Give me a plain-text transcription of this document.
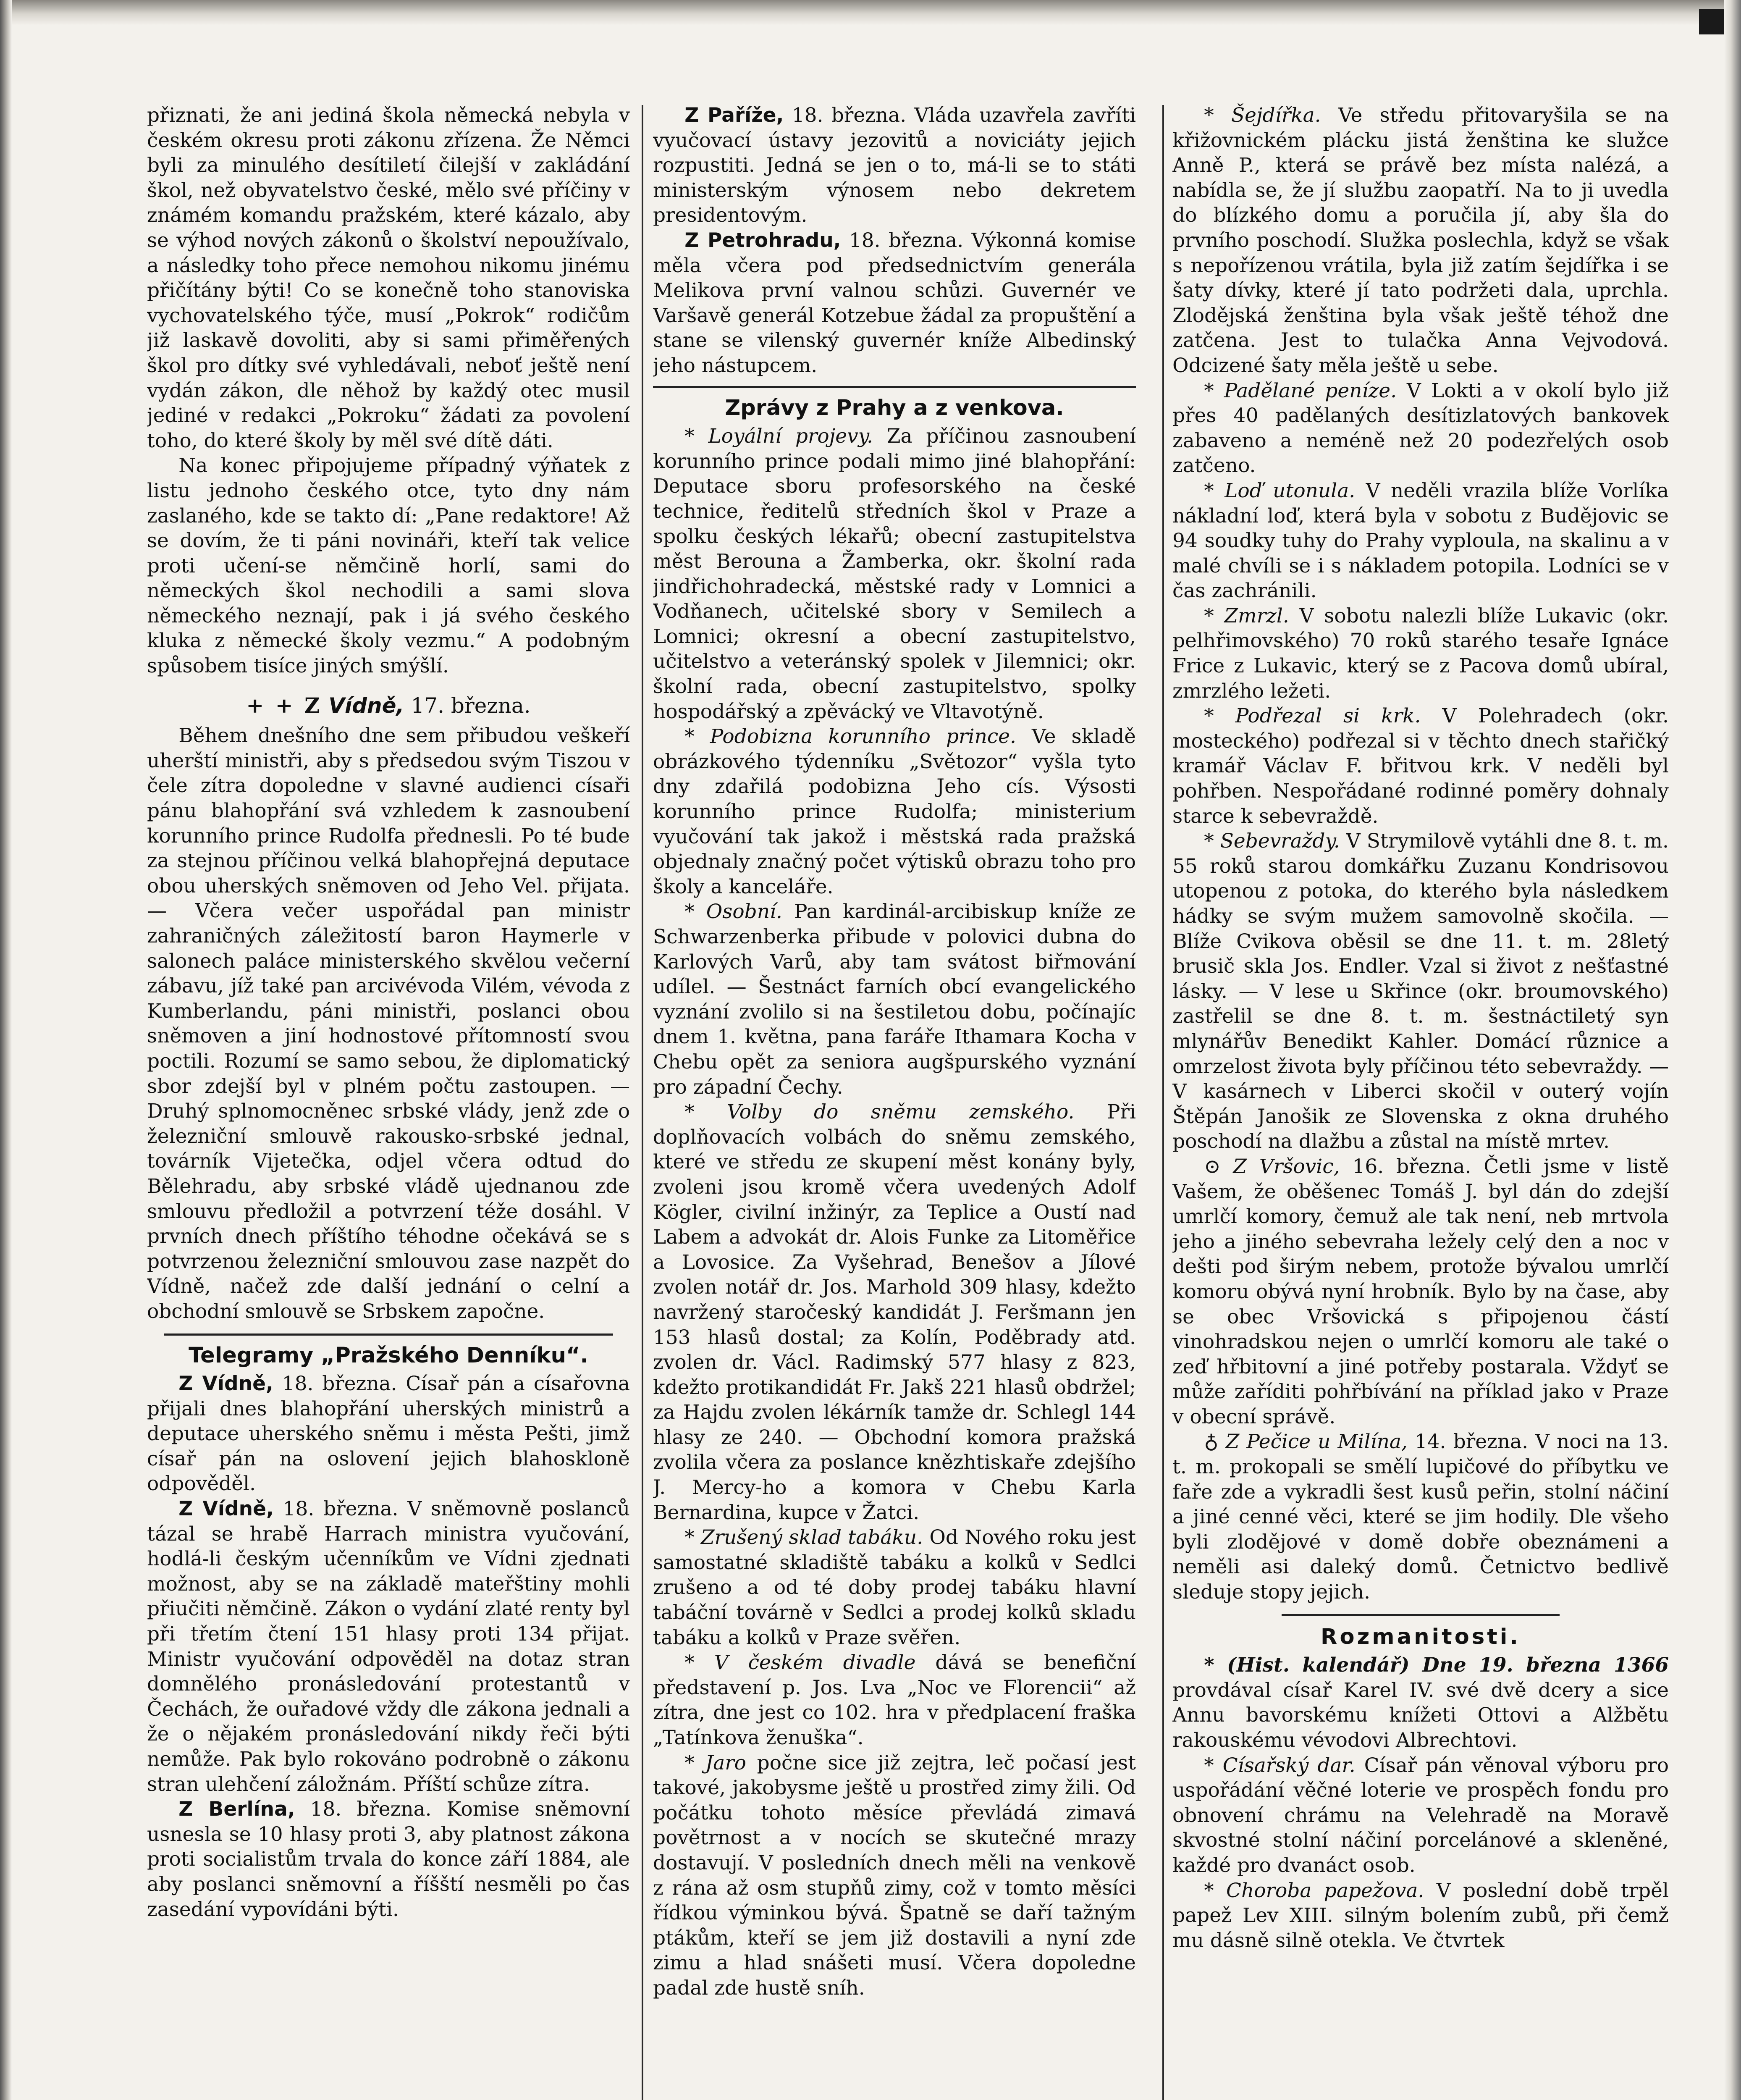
přiznati, že ani jediná škola německá nebyla v českém okresu proti zákonu zřízena. Že Němci byli za minulého desítiletí čilejší v zakládání škol, než obyvatelstvo české, mělo své příčiny v známém komandu pražském, které kázalo, aby se výhod nových zákonů o školství nepoužívalo, a následky toho přece nemohou nikomu jinému přičítány býti! Co se konečně toho stanoviska vychovatelského týče, musí „Pokrok“ rodičům již laskavě dovoliti, aby si sami přiměřených škol pro dítky své vyhledávali, neboť ještě není vydán zákon, dle něhož by každý otec musil jediné v redakci „Pokroku“ žádati za povolení toho, do které školy by měl své dítě dáti.

Na konec připojujeme případný výňatek z listu jednoho českého otce, tyto dny nám zaslaného, kde se takto dí: „Pane redaktore! Až se dovím, že ti páni novináři, kteří tak velice proti učení-se němčině horlí, sami do německých škol nechodili a sami slova německého neznají, pak i já svého českého kluka z německé školy vezmu.“ A podobným spůsobem tisíce jiných smýšlí.

+ + Z Vídně, 17. března.

Během dnešního dne sem přibudou veškeří uherští ministři, aby s předsedou svým Tiszou v čele zítra dopoledne v slavné audienci císaři pánu blahopřání svá vzhledem k zasnoubení korunního prince Rudolfa přednesli. Po té bude za stejnou příčinou velká blahopřejná deputace obou uherských sněmoven od Jeho Vel. přijata. — Včera večer uspořádal pan ministr zahraničných záležitostí baron Haymerle v salonech paláce ministerského skvělou večerní zábavu, jíž také pan arcivévoda Vilém, vévoda z Kumberlandu, páni ministři, poslanci obou sněmoven a jiní hodnostové přítomností svou poctili. Rozumí se samo sebou, že diplomatický sbor zdejší byl v plném počtu zastoupen. — Druhý splnomocněnec srbské vlády, jenž zde o železniční smlouvě rakousko-srbské jednal, továrník Vijetečka, odjel včera odtud do Bělehradu, aby srbské vládě ujednanou zde smlouvu předložil a potvrzení téže dosáhl. V prvních dnech příštího téhodne očekává se s potvrzenou železniční smlouvou zase nazpět do Vídně, načež zde další jednání o celní a obchodní smlouvě se Srbskem započne.

Telegramy „Pražského Denníku“.

Z Vídně, 18. března. Císař pán a císařovna přijali dnes blahopřání uherských ministrů a deputace uherského sněmu i města Pešti, jimž císař pán na oslovení jejich blahoskloně odpověděl.

Z Vídně, 18. března. V sněmovně poslanců tázal se hrabě Harrach ministra vyučování, hodlá-li českým učenníkům ve Vídni zjednati možnost, aby se na základě mateřštiny mohli přiučiti němčině. Zákon o vydání zlaté renty byl při třetím čtení 151 hlasy proti 134 přijat. Ministr vyučování odpověděl na dotaz stran domnělého pronásledování protestantů v Čechách, že ouřadové vždy dle zákona jednali a že o nějakém pronásledování nikdy řeči býti nemůže. Pak bylo rokováno podrobně o zákonu stran ulehčení záložnám. Příští schůze zítra.

Z Berlína, 18. března. Komise sněmovní usnesla se 10 hlasy proti 3, aby platnost zákona proti socialistům trvala do konce září 1884, ale aby poslanci sněmovní a říšští nesměli po čas zasedání vypovídáni býti.

Z Paříže, 18. března. Vláda uzavřela zavříti vyučovací ústavy jezovitů a noviciáty jejich rozpustiti. Jedná se jen o to, má-li se to státi ministerským výnosem nebo dekretem presidentovým.

Z Petrohradu, 18. března. Výkonná komise měla včera pod předsednictvím generála Melikova první valnou schůzi. Guvernér ve Varšavě generál Kotzebue žádal za propuštění a stane se vilenský guvernér kníže Albedinský jeho nástupcem.

Zprávy z Prahy a z venkova.

* Loyální projevy. Za příčinou zasnoubení korunního prince podali mimo jiné blahopřání: Deputace sboru profesorského na české technice, ředitelů středních škol v Praze a spolku českých lékařů; obecní zastupitelstva měst Berouna a Žamberka, okr. školní rada jindřichohradecká, městské rady v Lomnici a Vodňanech, učitelské sbory v Semilech a Lomnici; okresní a obecní zastupitelstvo, učitelstvo a veteránský spolek v Jilemnici; okr. školní rada, obecní zastupitelstvo, spolky hospodářský a zpěvácký ve Vltavotýně.

* Podobizna korunního prince. Ve skladě obrázkového týdenníku „Světozor“ vyšla tyto dny zdařilá podobizna Jeho cís. Výsosti korunního prince Rudolfa; ministerium vyučování tak jakož i městská rada pražská objednaly značný počet výtisků obrazu toho pro školy a kanceláře.

* Osobní. Pan kardinál-arcibiskup kníže ze Schwarzenberka přibude v polovici dubna do Karlových Varů, aby tam svátost biřmování udílel. — Šestnáct farních obcí evangelického vyznání zvolilo si na šestiletou dobu, počínajíc dnem 1. května, pana faráře Ithamara Kocha v Chebu opět za seniora augšpurského vyznání pro západní Čechy.

* Volby do sněmu zemského. Při doplňovacích volbách do sněmu zemského, které ve středu ze skupení měst konány byly, zvoleni jsou kromě včera uvedených Adolf Kögler, civilní inžinýr, za Teplice a Oustí nad Labem a advokát dr. Alois Funke za Litoměřice a Lovosice. Za Vyšehrad, Benešov a Jílové zvolen notář dr. Jos. Marhold 309 hlasy, kdežto navržený staročeský kandidát J. Feršmann jen 153 hlasů dostal; za Kolín, Poděbrady atd. zvolen dr. Václ. Radimský 577 hlasy z 823, kdežto protikandidát Fr. Jakš 221 hlasů obdržel; za Hajdu zvolen lékárník tamže dr. Schlegl 144 hlasy ze 240. — Obchodní komora pražská zvolila včera za poslance knězhtiskaře zdejšího J. Mercy-ho a komora v Chebu Karla Bernardina, kupce v Žatci.

* Zrušený sklad tabáku. Od Nového roku jest samostatné skladiště tabáku a kolků v Sedlci zrušeno a od té doby prodej tabáku hlavní tabáční továrně v Sedlci a prodej kolků skladu tabáku a kolků v Praze svěřen.

* V českém divadle dává se benefiční představení p. Jos. Lva „Noc ve Florencii“ až zítra, dne jest co 102. hra v předplacení fraška „Tatínkova ženuška“.

* Jaro počne sice již zejtra, leč počasí jest takové, jakobysme ještě u prostřed zimy žili. Od počátku tohoto měsíce převládá zimavá povětrnost a v nocích se skutečné mrazy dostavují. V posledních dnech měli na venkově z rána až osm stupňů zimy, což v tomto měsíci řídkou výminkou bývá. Špatně se daří tažným ptákům, kteří se jem již dostavili a nyní zde zimu a hlad snášeti musí. Včera dopoledne padal zde hustě sníh.

* Šejdířka. Ve středu přitovaryšila se na křižovnickém plácku jistá ženština ke služce Anně P., která se právě bez místa nalézá, a nabídla se, že jí službu zaopatří. Na to ji uvedla do blízkého domu a poručila jí, aby šla do prvního poschodí. Služka poslechla, když se však s nepořízenou vrátila, byla již zatím šejdířka i se šaty dívky, které jí tato podržeti dala, uprchla. Zlodějská ženština byla však ještě téhož dne zatčena. Jest to tulačka Anna Vejvodová. Odcizené šaty měla ještě u sebe.

* Padělané peníze. V Lokti a v okolí bylo již přes 40 padělaných desítizlatových bankovek zabaveno a neméně než 20 podezřelých osob zatčeno.

* Loď utonula. V neděli vrazila blíže Vorlíka nákladní loď, která byla v sobotu z Budějovic se 94 soudky tuhy do Prahy vyploula, na skalinu a v malé chvíli se i s nákladem potopila. Lodníci se v čas zachránili.

* Zmrzl. V sobotu nalezli blíže Lukavic (okr. pelhřimovského) 70 roků starého tesaře Ignáce Frice z Lukavic, který se z Pacova domů ubíral, zmrzlého ležeti.

* Podřezal si krk. V Polehradech (okr. mosteckého) podřezal si v těchto dnech stařičký kramář Václav F. břitvou krk. V neděli byl pohřben. Nespořádané rodinné poměry dohnaly starce k sebevraždě.

* Sebevraždy. V Strymilově vytáhli dne 8. t. m. 55 roků starou domkářku Zuzanu Kondrisovou utopenou z potoka, do kterého byla následkem hádky se svým mužem samovolně skočila. — Blíže Cvikova oběsil se dne 11. t. m. 28letý brusič skla Jos. Endler. Vzal si život z nešťastné lásky. — V lese u Skřince (okr. broumovského) zastřelil se dne 8. t. m. šestnáctiletý syn mlynářův Benedikt Kahler. Domácí různice a omrzelost života byly příčinou této sebevraždy. — V kasárnech v Liberci skočil v outerý vojín Štěpán Janošik ze Slovenska z okna druhého poschodí na dlažbu a zůstal na místě mrtev.

⊙ Z Vršovic, 16. března. Četli jsme v listě Vašem, že oběšenec Tomáš J. byl dán do zdejší umrlčí komory, čemuž ale tak není, neb mrtvola jeho a jiného sebevraha ležely celý den a noc v dešti pod širým nebem, protože bývalou umrlčí komoru obývá nyní hrobník. Bylo by na čase, aby se obec Vršovická s připojenou částí vinohradskou nejen o umrlčí komoru ale také o zeď hřbitovní a jiné potřeby postarala. Vždyť se může zaříditi pohřbívání na příklad jako v Praze v obecní správě.

♁ Z Pečice u Milína, 14. března. V noci na 13. t. m. prokopali se smělí lupičové do příbytku ve faře zde a vykradli šest kusů peřin, stolní náčiní a jiné cenné věci, které se jim hodily. Dle všeho byli zlodějové v domě dobře obeznámeni a neměli asi daleký domů. Četnictvo bedlivě sleduje stopy jejich.

Rozmanitosti.

* (Hist. kalendář) Dne 19. března 1366 provdával císař Karel IV. své dvě dcery a sice Annu bavorskému knížeti Ottovi a Alžbětu rakouskému vévodovi Albrechtovi.

* Císařský dar. Císař pán věnoval výboru pro uspořádání věčné loterie ve prospěch fondu pro obnovení chrámu na Velehradě na Moravě skvostné stolní náčiní porcelánové a skleněné, každé pro dvanáct osob.

* Choroba papežova. V poslední době trpěl papež Lev XIII. silným bolením zubů, při čemž mu dásně silně otekla. Ve čtvrtek
